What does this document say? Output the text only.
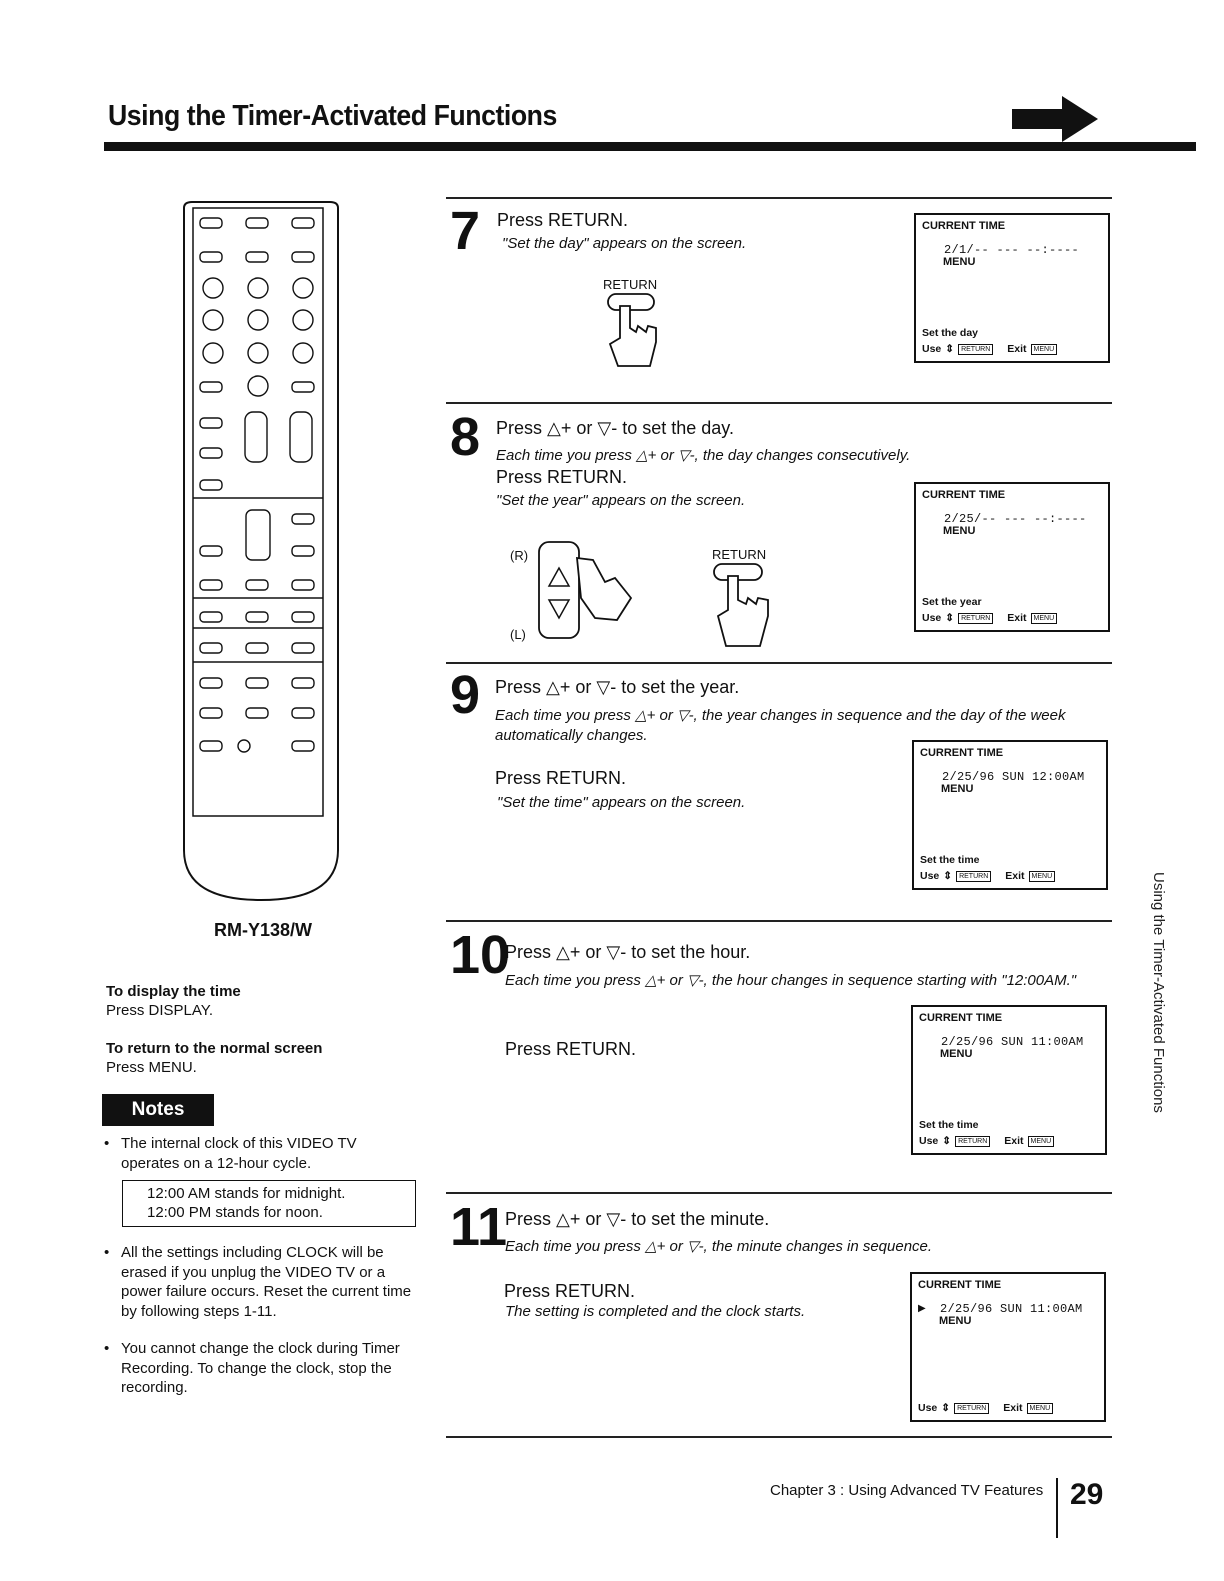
Using the Timer-Activated Functions
Using the Timer-Activated Functions
RM-Y138/W
To display the time
Press DISPLAY.
To return to the normal screen
Press MENU.
Notes
• The internal clock of this VIDEO TV operates on a 12-hour cycle.
12:00 AM stands for midnight.
12:00 PM stands for noon.
• All the settings including CLOCK will be erased if you unplug the VIDEO TV or a power failure occurs. Reset the current time by following steps 1-11.
• You cannot change the clock during Timer Recording. To change the clock, stop the recording.
7 Press RETURN.
"Set the day" appears on the screen.
RETURN
CURRENT TIME
2/1/-- --- --:----
MENU
Set the day
Use ⇕	RETURN Exit	MENU
8 Press △+ or ▽- to set the day.
Each time you press △+ or ▽-, the day changes consecutively.
Press RETURN.
"Set the year" appears on the screen.
(R)
(L)
RETURN
CURRENT TIME
2/25/-- --- --:----
MENU
Set the year
Use ⇕	RETURN Exit	MENU
9 Press △+ or ▽- to set the year.
Each time you press △+ or ▽-, the year changes in sequence and the day of the week automatically changes.
Press RETURN.
"Set the time" appears on the screen.
CURRENT TIME
2/25/96 SUN 12:00AM
MENU
Set the time
Use ⇕	RETURN Exit	MENU
10
Press △+ or ▽- to set the hour.
Each time you press △+ or ▽-, the hour changes in sequence starting with "12:00AM."
Press RETURN.
CURRENT TIME
2/25/96 SUN 11:00AM
MENU
Set the time
Use ⇕	RETURN Exit	MENU
11
Press △+ or ▽- to set the minute.
Each time you press △+ or ▽-, the minute changes in sequence.
Press RETURN.
The setting is completed and the clock starts.
CURRENT TIME
▶ 2/25/96 SUN 11:00AM
MENU
Use ⇕	RETURN Exit	MENU
Chapter 3 : Using Advanced TV Features 29
